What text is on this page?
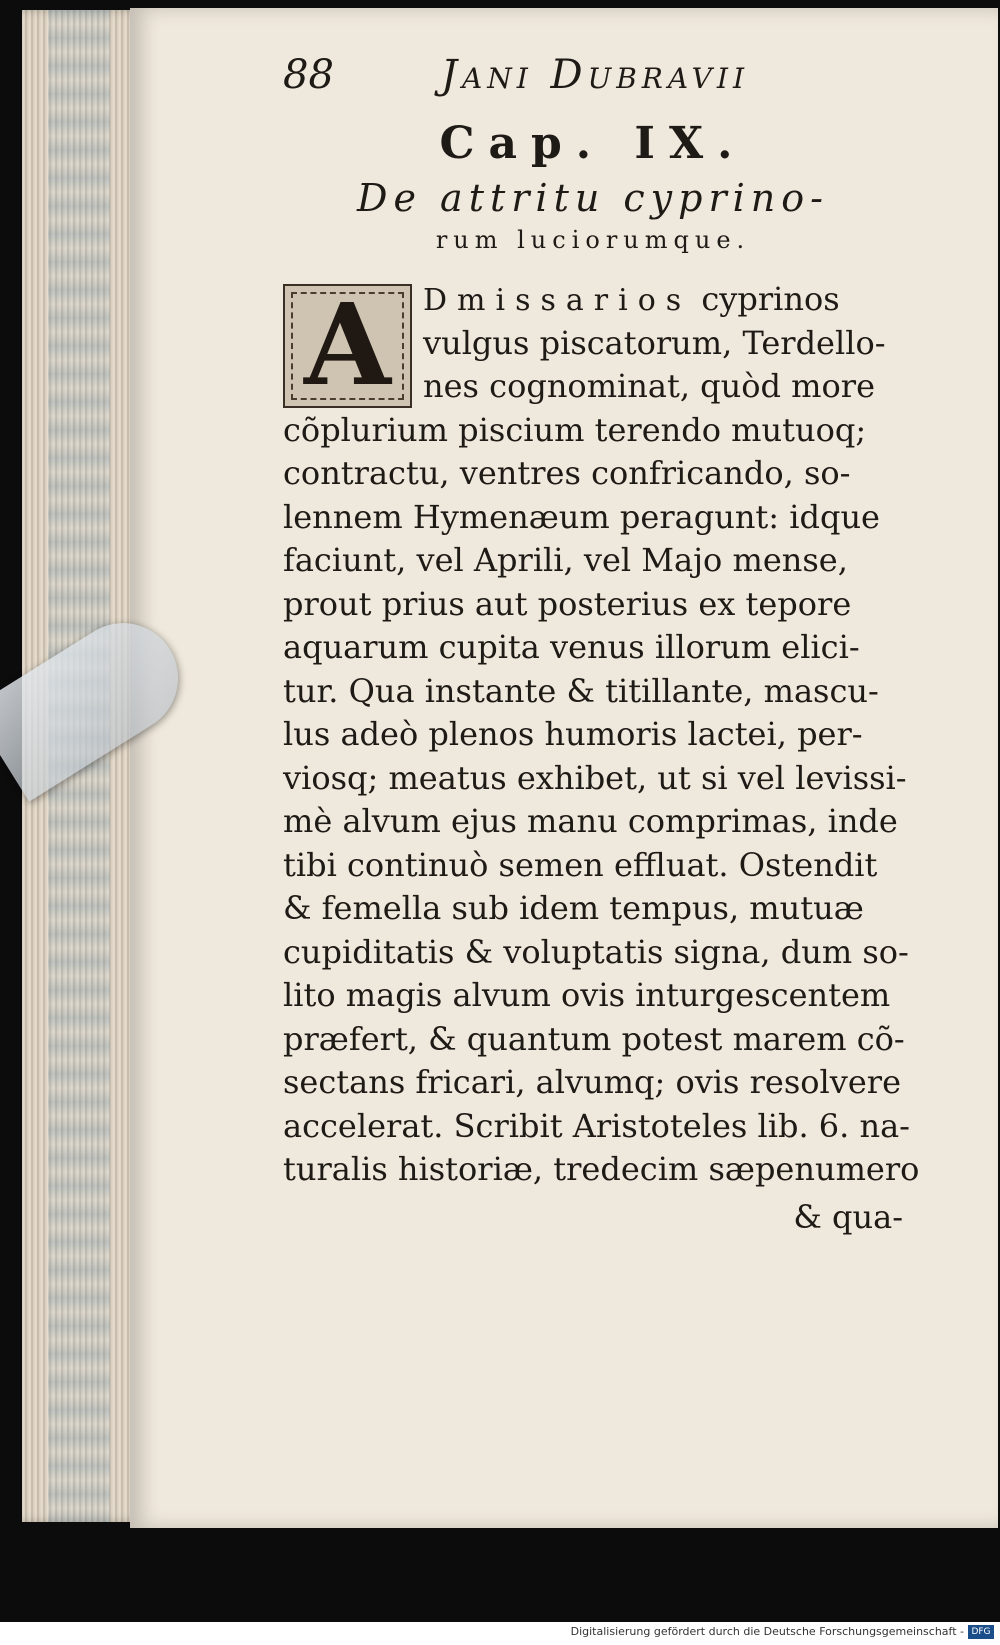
88	Jani Dubravii
Cap. IX.
De attritu cyprino-
rum luciorumque.
A	Dmissarios cyprinos
vulgus piscatorum, Terdello-
nes cognominat, quòd more
cõplurium piscium terendo mutuoq;
contractu, ventres confricando, so-
lennem Hymenæum peragunt: idque
faciunt, vel Aprili, vel Majo mense,
prout prius aut posterius ex tepore
aquarum cupita venus illorum elici-
tur. Qua instante & titillante, mascu-
lus adeò plenos humoris lactei, per-
viosq; meatus exhibet, ut si vel levissi-
mè alvum ejus manu comprimas, inde
tibi continuò semen effluat. Ostendit
& femella sub idem tempus, mutuæ
cupiditatis & voluptatis signa, dum so-
lito magis alvum ovis inturgescentem
præfert, & quantum potest marem cõ-
sectans fricari, alvumq; ovis resolvere
accelerat. Scribit Aristoteles lib. 6. na-
turalis historiæ, tredecim sæpenumero
& qua-
Digitalisierung gefördert durch die Deutsche Forschungsgemeinschaft - DFG
